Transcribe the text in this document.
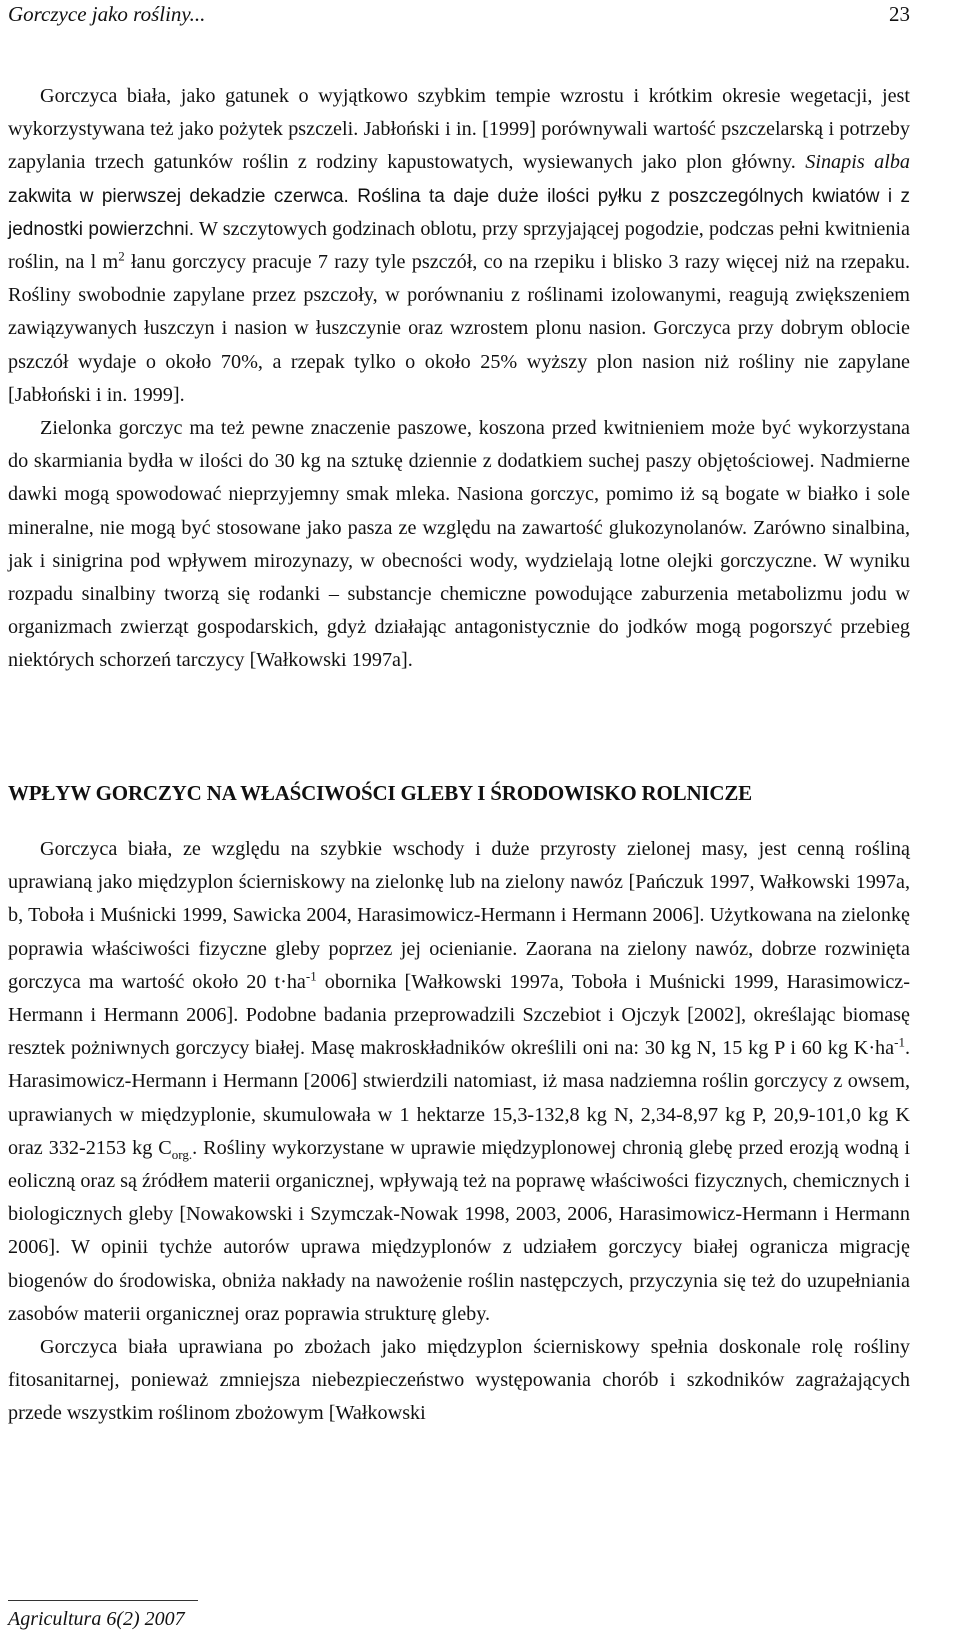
Gorczyce jako rośliny...	23

Gorczyca biała, jako gatunek o wyjątkowo szybkim tempie wzrostu i krótkim okresie wegetacji, jest wykorzystywana też jako pożytek pszczeli. Jabłoński i in. [1999] porównywali wartość pszczelarską i potrzeby zapylania trzech gatunków roślin z rodziny kapustowatych, wysiewanych jako plon główny. Sinapis alba zakwita w pierwszej dekadzie czerwca. Roślina ta daje duże ilości pyłku z poszczególnych kwiatów i z jednostki powierzchni. W szczytowych godzinach oblotu, przy sprzyjającej pogodzie, podczas pełni kwitnienia roślin, na l $m^2$ łanu gorczycy pracuje 7 razy tyle pszczół, co na rzepiku i blisko 3 razy więcej niż na rzepaku. Rośliny swobodnie zapylane przez pszczoły, w porównaniu z roślinami izolowanymi, reagują zwiększeniem zawiązywanych łuszczyn i nasion w łuszczynie oraz wzrostem plonu nasion. Gorczyca przy dobrym oblocie pszczół wydaje o około 70%, a rzepak tylko o około 25% wyższy plon nasion niż rośliny nie zapylane [Jabłoński i in. 1999].

Zielonka gorczyc ma też pewne znaczenie paszowe, koszona przed kwitnieniem może być wykorzystana do skarmiania bydła w ilości do 30 kg na sztukę dziennie z dodatkiem suchej paszy objętościowej. Nadmierne dawki mogą spowodować nieprzyjemny smak mleka. Nasiona gorczyc, pomimo iż są bogate w białko i sole mineralne, nie mogą być stosowane jako pasza ze względu na zawartość glukozynolanów. Zarówno sinalbina, jak i sinigrina pod wpływem mirozynazy, w obecności wody, wydzielają lotne olejki gorczyczne. W wyniku rozpadu sinalbiny tworzą się rodanki – substancje chemiczne powodujące zaburzenia metabolizmu jodu w organizmach zwierząt gospodarskich, gdyż działając antagonistycznie do jodków mogą pogorszyć przebieg niektórych schorzeń tarczycy [Wałkowski 1997a].

WPŁYW GORCZYC NA WŁAŚCIWOŚCI GLEBY I ŚRODOWISKO ROLNICZE

Gorczyca biała, ze względu na szybkie wschody i duże przyrosty zielonej masy, jest cenną rośliną uprawianą jako międzyplon ścierniskowy na zielonkę lub na zielony nawóz [Pańczuk 1997, Wałkowski 1997a, b, Toboła i Muśnicki 1999, Sawicka 2004, Harasimowicz-Hermann i Hermann 2006]. Użytkowana na zielonkę poprawia właściwości fizyczne gleby poprzez jej ocienianie. Zaorana na zielony nawóz, dobrze rozwinięta gorczyca ma wartość około 20 $t\cdot ha^{-1}$ obornika [Wałkowski 1997a, Toboła i Muśnicki 1999, Harasimowicz-Hermann i Hermann 2006]. Podobne badania przeprowadzili Szczebiot i Ojczyk [2002], określając biomasę resztek pożniwnych gorczycy białej. Masę makroskładników określili oni na: 30 kg N, 15 kg P i 60 kg $K\cdot ha^{-1}$. Harasimowicz-Hermann i Hermann [2006] stwierdzili natomiast, iż masa nadziemna roślin gorczycy z owsem, uprawianych w międzyplonie, skumulowała w 1 hektarze 15,3-132,8 kg N, 2,34-8,97 kg P, 20,9-101,0 kg K oraz 332-2153 kg $C_{org.}$. Rośliny wykorzystane w uprawie międzyplonowej chronią glebę przed erozją wodną i eoliczną oraz są źródłem materii organicznej, wpływają też na poprawę właściwości fizycznych, chemicznych i biologicznych gleby [Nowakowski i Szymczak-Nowak 1998, 2003, 2006, Harasimowicz-Hermann i Hermann 2006]. W opinii tychże autorów uprawa międzyplonów z udziałem gorczycy białej ogranicza migrację biogenów do środowiska, obniża nakłady na nawożenie roślin następczych, przyczynia się też do uzupełniania zasobów materii organicznej oraz poprawia strukturę gleby.

Gorczyca biała uprawiana po zbożach jako międzyplon ścierniskowy spełnia doskonale rolę rośliny fitosanitarnej, ponieważ zmniejsza niebezpieczeństwo występowania chorób i szkodników zagrażających przede wszystkim roślinom zbożowym [Wałkowski

Agricultura 6(2) 2007
